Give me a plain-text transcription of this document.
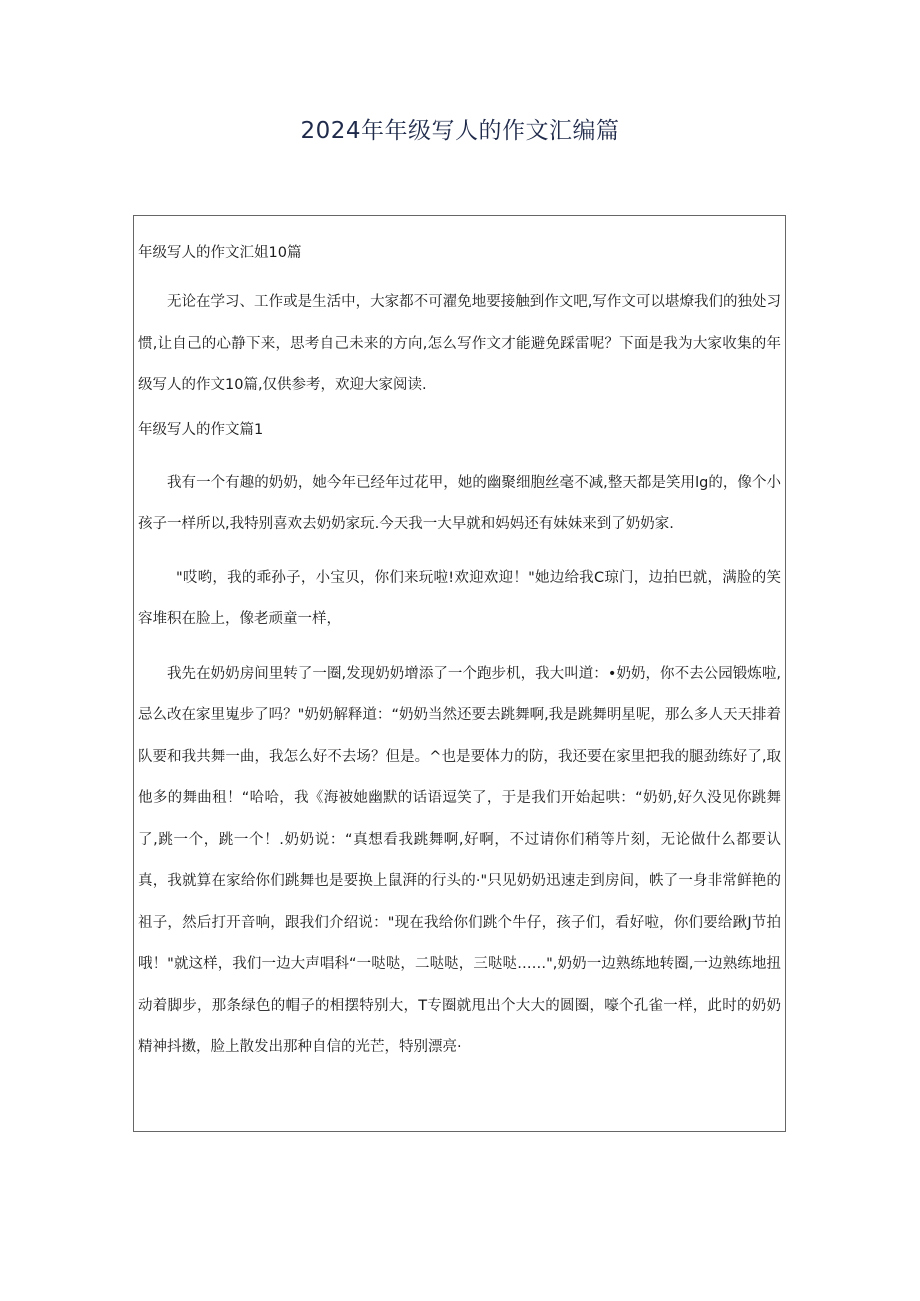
2024年年级写人的作文汇编篇

年级写人的作文汇姐10篇

无论在学习、工作或是生活中，大家都不可濯免地要接触到作文吧,写作文可以堪燎我们的独处习惯,让自己的心静下来，思考自己未来的方向,怎么写作文才能避免踩雷呢？下面是我为大家收集的年级写人的作文10篇,仅供参考，欢迎大家阅读.

年级写人的作文篇1

我有一个有趣的奶奶，她今年已经年过花甲，她的幽聚细胞丝毫不减,整天都是笑用lg的，像个小孩子一样所以,我特别喜欢去奶奶家玩.今天我一大早就和妈妈还有妹妹来到了奶奶家.

"哎哟，我的乖孙子，小宝贝，你们来玩啦!欢迎欢迎！"她边给我C琼门，边拍巴就，满脸的笑容堆积在脸上，像老顽童一样，

我先在奶奶房间里转了一圈,发现奶奶增添了一个跑步机，我大叫道：•奶奶，你不去公园锻炼啦,忌么改在家里嵬步了吗？"奶奶解释道：“奶奶当然还要去跳舞啊,我是跳舞明星呢，那么多人天天排着队要和我共舞一曲，我怎么好不去场？但是。^也是要体力的防，我还要在家里把我的腿劲练好了,取他多的舞曲租！“哈哈，我《海被她幽默的话语逗笑了，于是我们开始起哄：“奶奶,好久没见你跳舞了,跳一个，跳一个！.奶奶说：“真想看我跳舞啊,好啊，不过请你们稍等片刻，无论做什么都要认真，我就算在家给你们跳舞也是要换上鼠湃的行头的·"只见奶奶迅速走到房间，帙了一身非常鲜艳的祖子，然后打开音响，跟我们介绍说："现在我给你们跳个牛仔，孩子们，看好啦，你们要给踿J节拍哦！"就这样，我们一边大声唱科“一哒哒，二哒哒，三哒哒……",奶奶一边熟练地转圈,一边熟练地扭动着脚步，那条绿色的帽子的相摆特别大，T专圈就甩出个大大的圆圈，嚎个孔雀一样，此时的奶奶精神抖擞，脸上散发出那种自信的光芒，特别漂亮·
